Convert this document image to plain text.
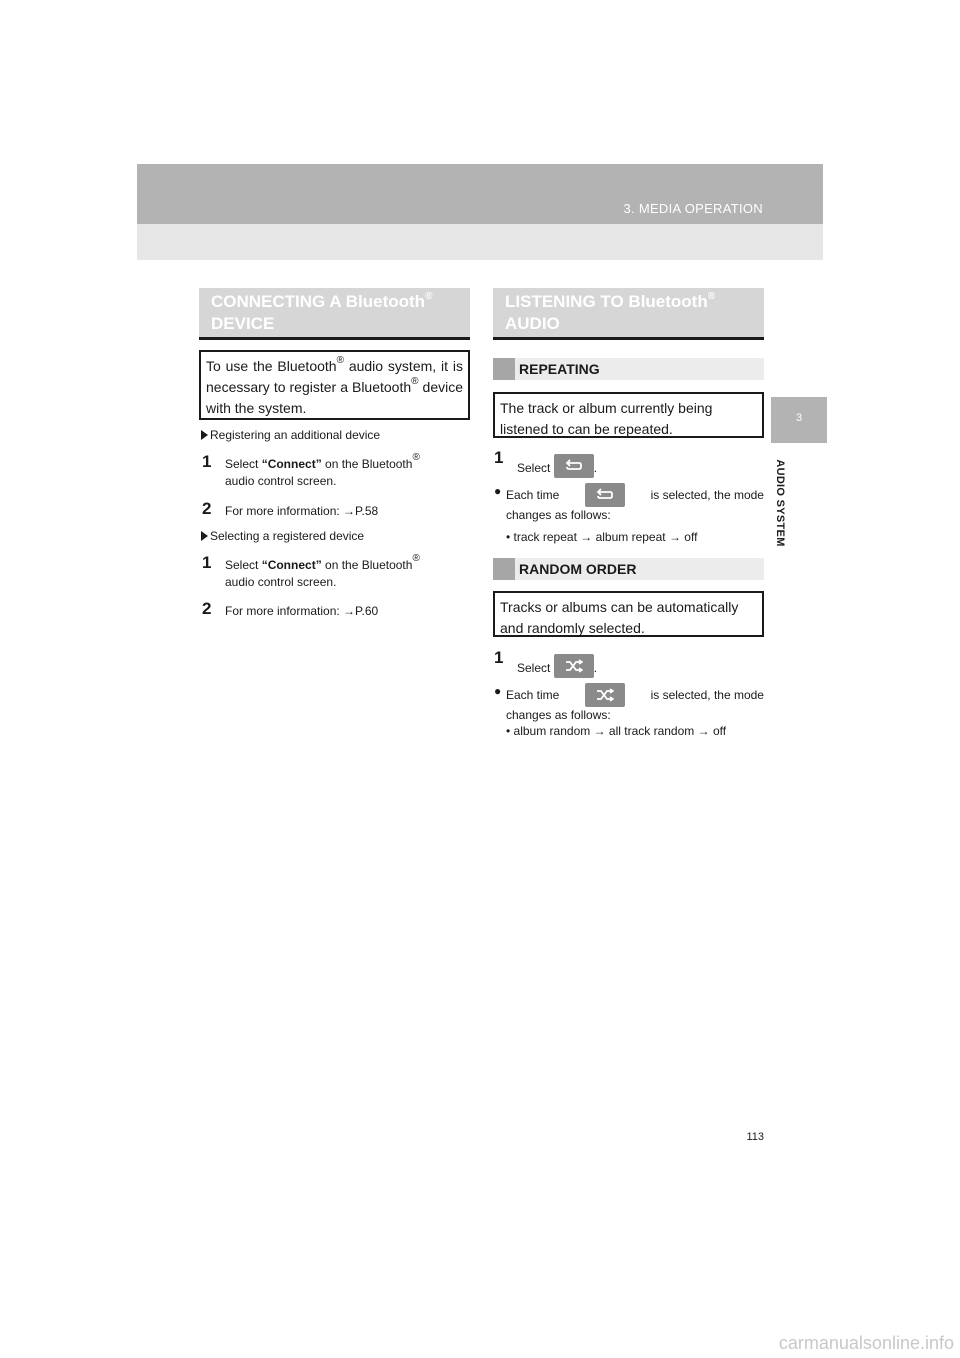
3. MEDIA OPERATION
3
AUDIO SYSTEM
CONNECTING A Bluetooth®
DEVICE
To use the Bluetooth® audio system, it is necessary to register a Bluetooth® device with the system.
Registering an additional device
1	Select “Connect” on the Bluetooth®
audio control screen.
2	For more information: →P.58
Selecting a registered device
1	Select “Connect” on the Bluetooth®
audio control screen.
2	For more information: →P.60
LISTENING TO Bluetooth®
AUDIO
REPEATING
The track or album currently being listened to can be repeated.
1
Select	.
● Each time	is selected, the mode
changes as follows:
• track repeat → album repeat → off
RANDOM ORDER
Tracks or albums can be automatically and randomly selected.
1
Select	.
● Each time	is selected, the mode
changes as follows:
• album random → all track random → off
113
carmanualsonline.info
